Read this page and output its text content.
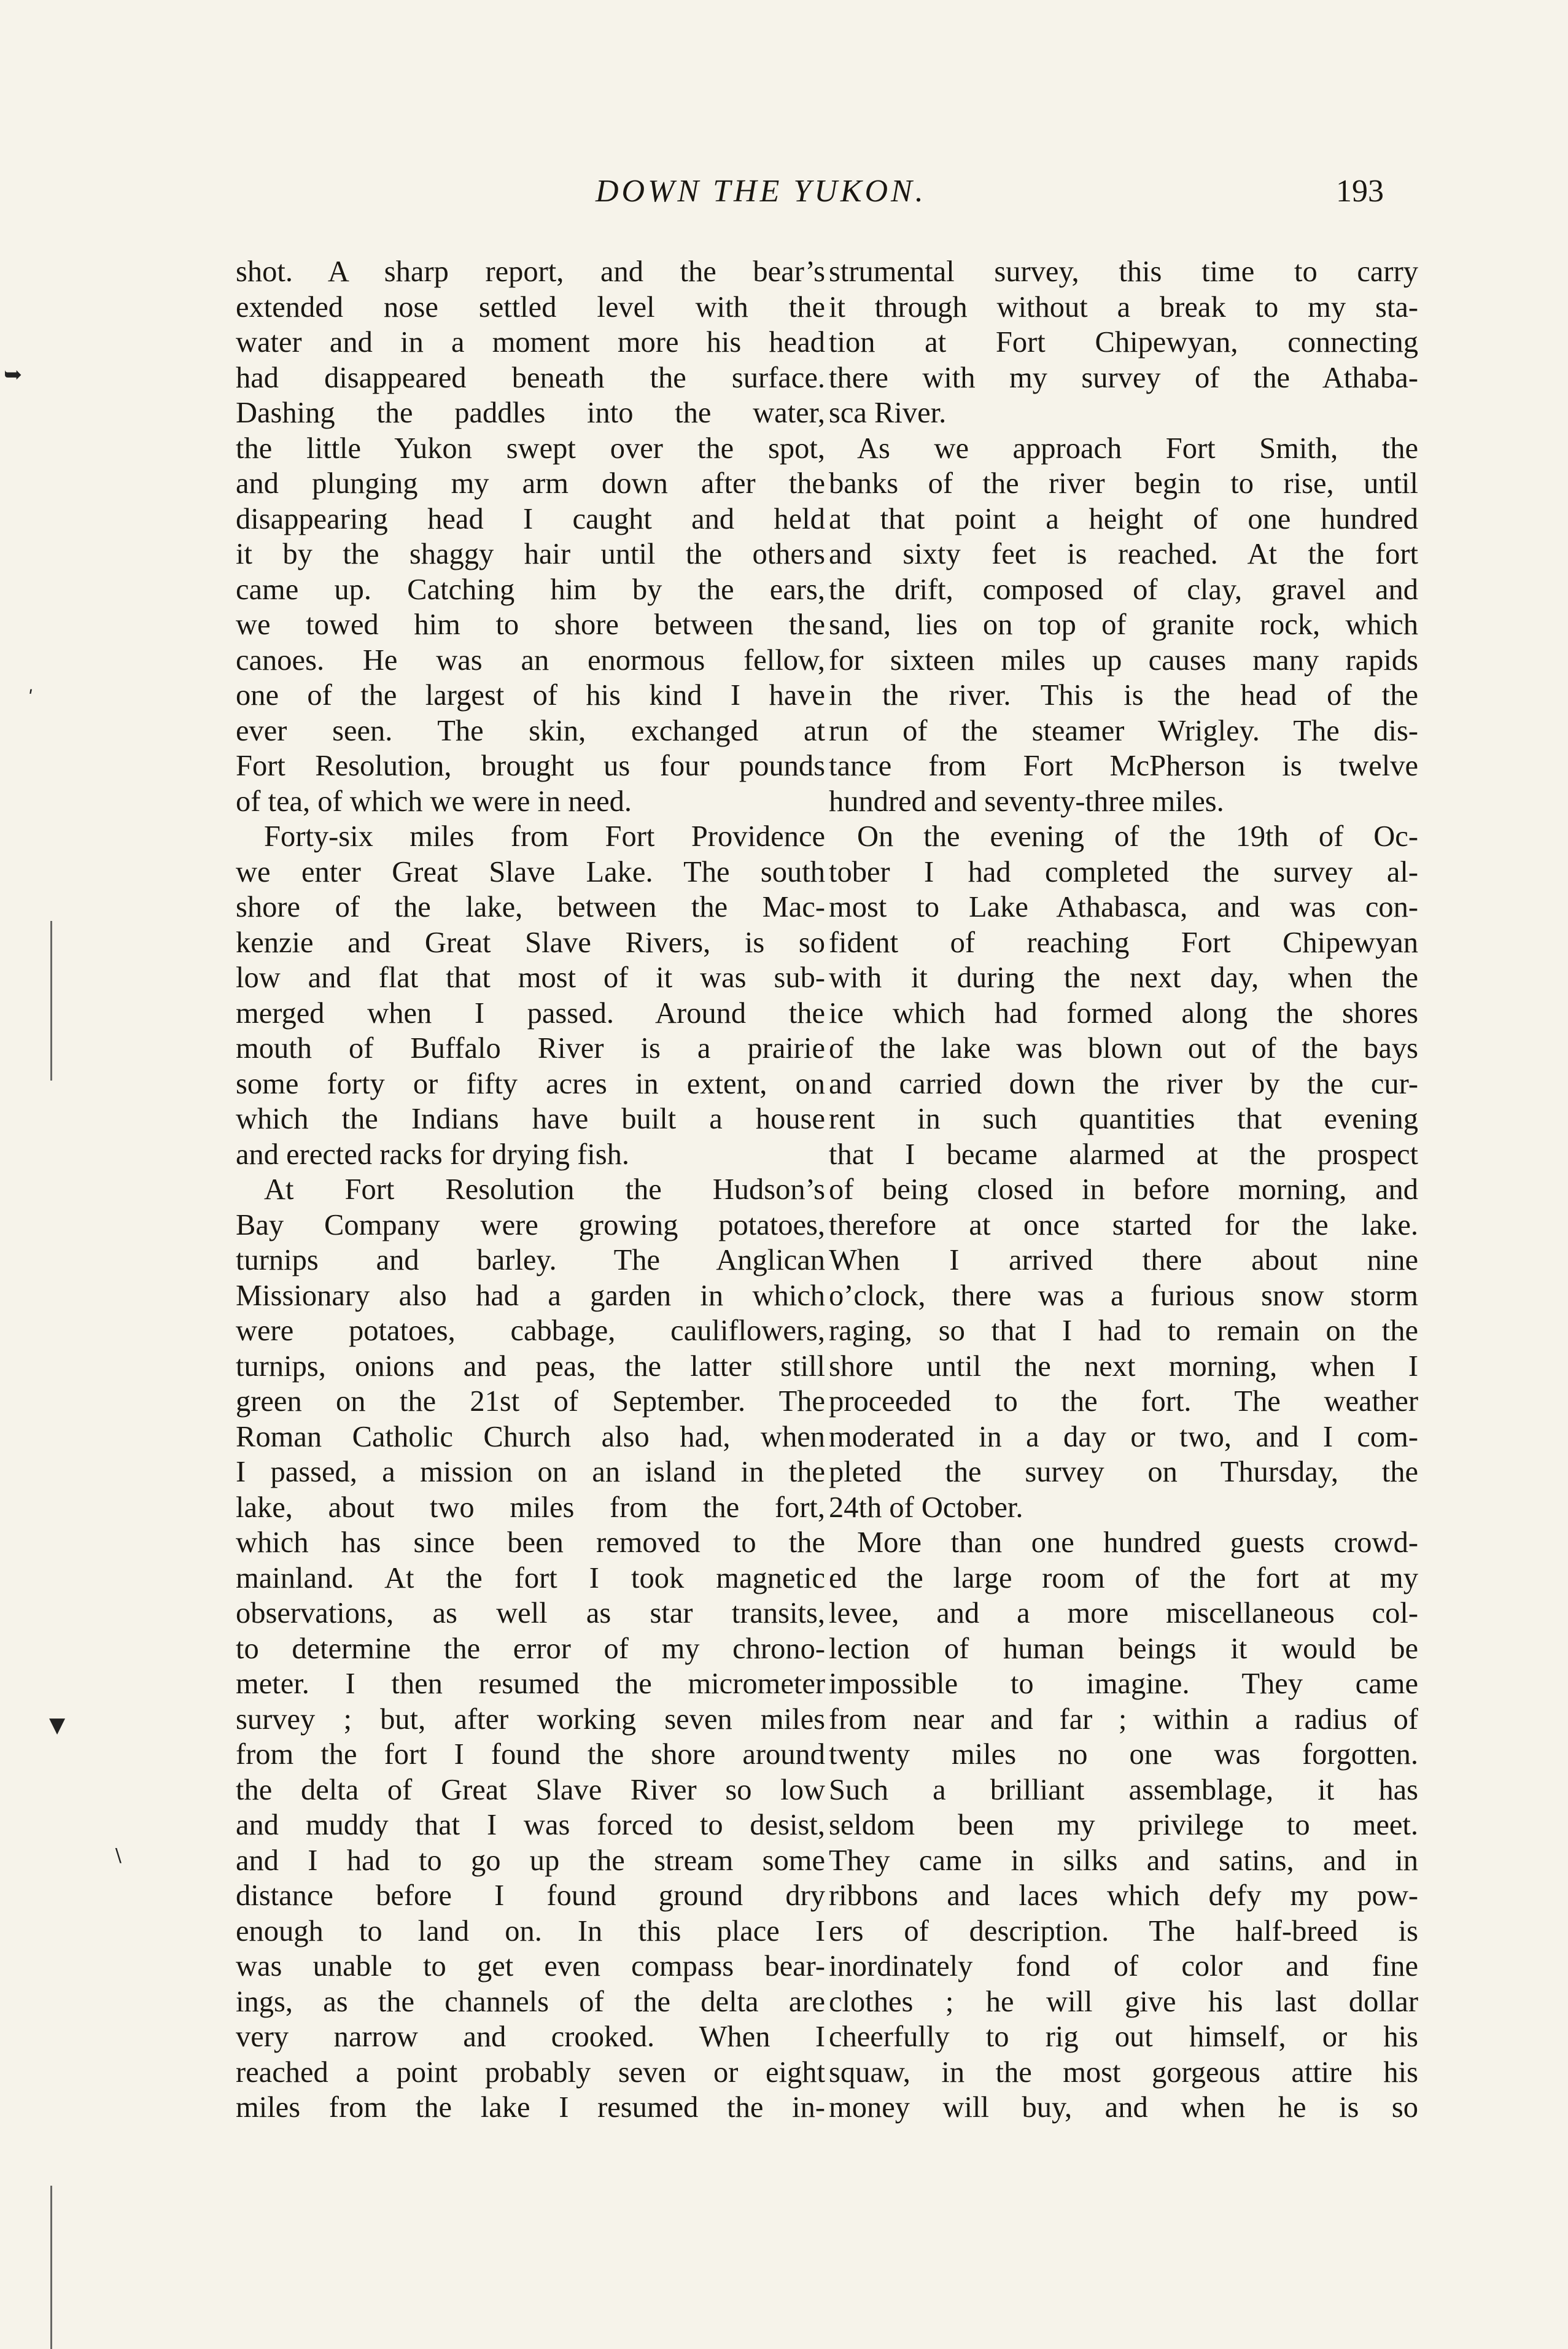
➥
ʹ
▼
∖
DOWN THE YUKON.	193
shot. A sharp report, and the bear’s
extended nose settled level with the
water and in a moment more his head
had disappeared beneath the surface.
Dashing the paddles into the water,
the little Yukon swept over the spot,
and plunging my arm down after the
disappearing head I caught and held
it by the shaggy hair until the others
came up. Catching him by the ears,
we towed him to shore between the
canoes. He was an enormous fellow,
one of the largest of his kind I have
ever seen. The skin, exchanged at
Fort Resolution, brought us four pounds
of tea, of which we were in need.
Forty-six miles from Fort Providence
we enter Great Slave Lake. The south
shore of the lake, between the Mac-
kenzie and Great Slave Rivers, is so
low and flat that most of it was sub-
merged when I passed. Around the
mouth of Buffalo River is a prairie
some forty or fifty acres in extent, on
which the Indians have built a house
and erected racks for drying fish.
At Fort Resolution the Hudson’s
Bay Company were growing potatoes,
turnips and barley. The Anglican
Missionary also had a garden in which
were potatoes, cabbage, cauliflowers,
turnips, onions and peas, the latter still
green on the 21st of September. The
Roman Catholic Church also had, when
I passed, a mission on an island in the
lake, about two miles from the fort,
which has since been removed to the
mainland. At the fort I took magnetic
observations, as well as star transits,
to determine the error of my chrono-
meter. I then resumed the micrometer
survey ; but, after working seven miles
from the fort I found the shore around
the delta of Great Slave River so low
and muddy that I was forced to desist,
and I had to go up the stream some
distance before I found ground dry
enough to land on. In this place I
was unable to get even compass bear-
ings, as the channels of the delta are
very narrow and crooked. When I
reached a point probably seven or eight
miles from the lake I resumed the in-
strumental survey, this time to carry
it through without a break to my sta-
tion at Fort Chipewyan, connecting
there with my survey of the Athaba-
sca River.
As we approach Fort Smith, the
banks of the river begin to rise, until
at that point a height of one hundred
and sixty feet is reached. At the fort
the drift, composed of clay, gravel and
sand, lies on top of granite rock, which
for sixteen miles up causes many rapids
in the river. This is the head of the
run of the steamer Wrigley. The dis-
tance from Fort McPherson is twelve
hundred and seventy-three miles.
On the evening of the 19th of Oc-
tober I had completed the survey al-
most to Lake Athabasca, and was con-
fident of reaching Fort Chipewyan
with it during the next day, when the
ice which had formed along the shores
of the lake was blown out of the bays
and carried down the river by the cur-
rent in such quantities that evening
that I became alarmed at the prospect
of being closed in before morning, and
therefore at once started for the lake.
When I arrived there about nine
o’clock, there was a furious snow storm
raging, so that I had to remain on the
shore until the next morning, when I
proceeded to the fort. The weather
moderated in a day or two, and I com-
pleted the survey on Thursday, the
24th of October.
More than one hundred guests crowd-
ed the large room of the fort at my
levee, and a more miscellaneous col-
lection of human beings it would be
impossible to imagine. They came
from near and far ; within a radius of
twenty miles no one was forgotten.
Such a brilliant assemblage, it has
seldom been my privilege to meet.
They came in silks and satins, and in
ribbons and laces which defy my pow-
ers of description. The half-breed is
inordinately fond of color and fine
clothes ; he will give his last dollar
cheerfully to rig out himself, or his
squaw, in the most gorgeous attire his
money will buy, and when he is so
